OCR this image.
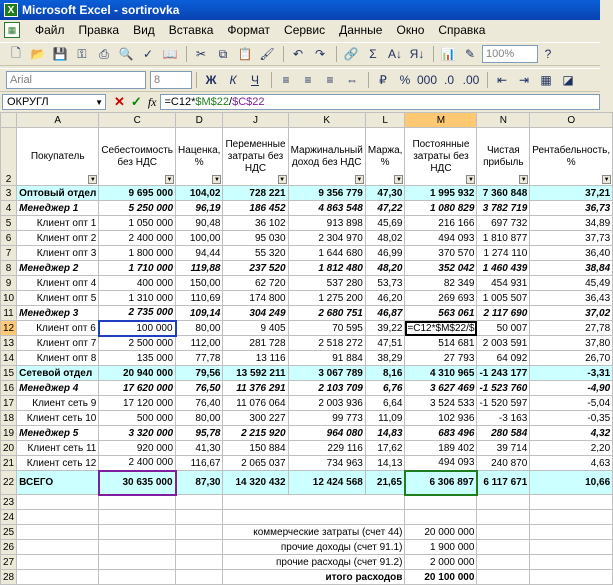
X Microsoft Excel - sortirovka
▦	Файл	Правка	Вид	Вставка	Формат	Сервис	Данные	Окно	Справка
🗋 📂 💾 ⚿	⎙ 🔍 ✓ 📖	✂	⧉ 📋 🖌	↶ ↷	🔗 Σ A↓ Я↓ 📊 ✎ 100%	?
Arial	8	Ж	К	Ч	≡	≡	≡	⇔	₽	% 000 .0 .00	⇤ ⇥ ▦ ◪
ОКРУГЛ	▼ ✕ ✓ fx =C12* $M$22 / $C$22
	A	C	D	J	K	L	M	N	O
2	Покупатель
▼	Себестоимость без НДС
▼	Наценка, %
▼	Переменные затраты без НДС
▼	Маржинальный доход без НДС
▼	Маржа, %
▼	Постоянные затраты без НДС
▼	Чистая прибыль
▼	Рентабельность, %
▼

3	Оптовый отдел	9 695 000	104,02	728 221	9 356 779	47,30	1 995 932	7 360 848	37,21
4	Менеджер 1	5 250 000	96,19	186 452	4 863 548	47,22	1 080 829	3 782 719	36,73
5	Клиент опт 1	1 050 000	90,48	36 102	913 898	45,69	216 166	697 732	34,89
6	Клиент опт 2	2 400 000	100,00	95 030	2 304 970	48,02	494 093	1 810 877	37,73
7	Клиент опт 3	1 800 000	94,44	55 320	1 644 680	46,99	370 570	1 274 110	36,40
8	Менеджер 2	1 710 000	119,88	237 520	1 812 480	48,20	352 042	1 460 439	38,84
9	Клиент опт 4	400 000	150,00	62 720	537 280	53,73	82 349	454 931	45,49
10	Клиент опт 5	1 310 000	110,69	174 800	1 275 200	46,20	269 693	1 005 507	36,43
11	Менеджер 3	2 735 000	109,14	304 249	2 680 751	46,87	563 061	2 117 690	37,02
12	Клиент опт 6	100 000	80,00	9 405	70 595	39,22	=C12*$M$22/$	50 007	27,78
13	Клиент опт 7	2 500 000	112,00	281 728	2 518 272	47,51	514 681	2 003 591	37,80
14	Клиент опт 8	135 000	77,78	13 116	91 884	38,29	27 793	64 092	26,70
15	Сетевой отдел	20 940 000	79,56	13 592 211	3 067 789	8,16	4 310 965	-1 243 177	-3,31
16	Менеджер 4	17 620 000	76,50	11 376 291	2 103 709	6,76	3 627 469	-1 523 760	-4,90
17	Клиент сеть 9	17 120 000	76,40	11 076 064	2 003 936	6,64	3 524 533	-1 520 597	-5,04
18	Клиент сеть 10	500 000	80,00	300 227	99 773	11,09	102 936	-3 163	-0,35
19	Менеджер 5	3 320 000	95,78	2 215 920	964 080	14,83	683 496	280 584	4,32
20	Клиент сеть 11	920 000	41,30	150 884	229 116	17,62	189 402	39 714	2,20
21	Клиент сеть 12	2 400 000	116,67	2 065 037	734 963	14,13	494 093	240 870	4,63
22	ВСЕГО	30 635 000	87,30	14 320 432	12 424 568	21,65	6 306 897	6 117 671	10,66
23									
24									
25				коммерческие затраты (счет 44)			20 000 000		
26				прочие доходы (счет 91.1)			1 900 000		
27				прочие расходы (счет 91.2)			2 000 000		
28				итого расходов			20 100 000		
